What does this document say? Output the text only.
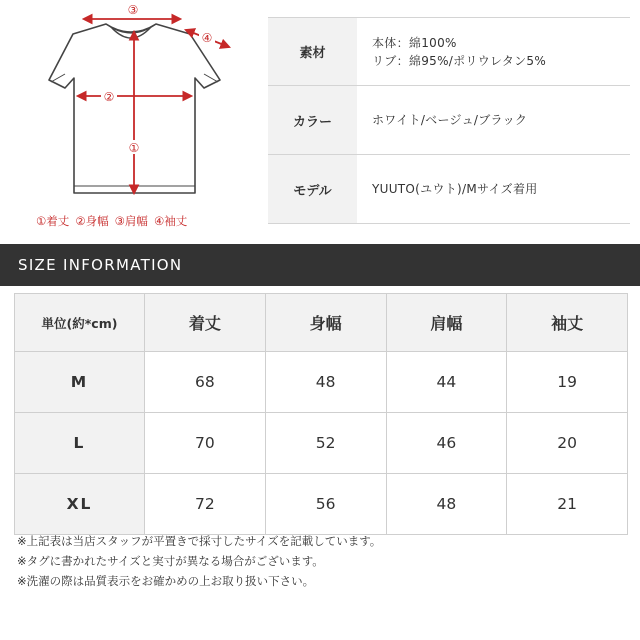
③
④
②
①
①着丈 ②身幅 ③肩幅 ④袖丈
素材
本体：綿100%
リブ：綿95%/ポリウレタン5%
カラー	ホワイト/ベージュ/ブラック
モデル	YUUTO(ユウト)/Mサイズ着用
SIZE INFORMATION
単位(約*cm)	着丈	身幅	肩幅	袖丈
M	68	48	44	19
L	70	52	46	20
XL	72	56	48	21

※上記表は当店スタッフが平置きで採寸したサイズを記載しています。

※タグに書かれたサイズと実寸が異なる場合がございます。

※洗濯の際は品質表示をお確かめの上お取り扱い下さい。
